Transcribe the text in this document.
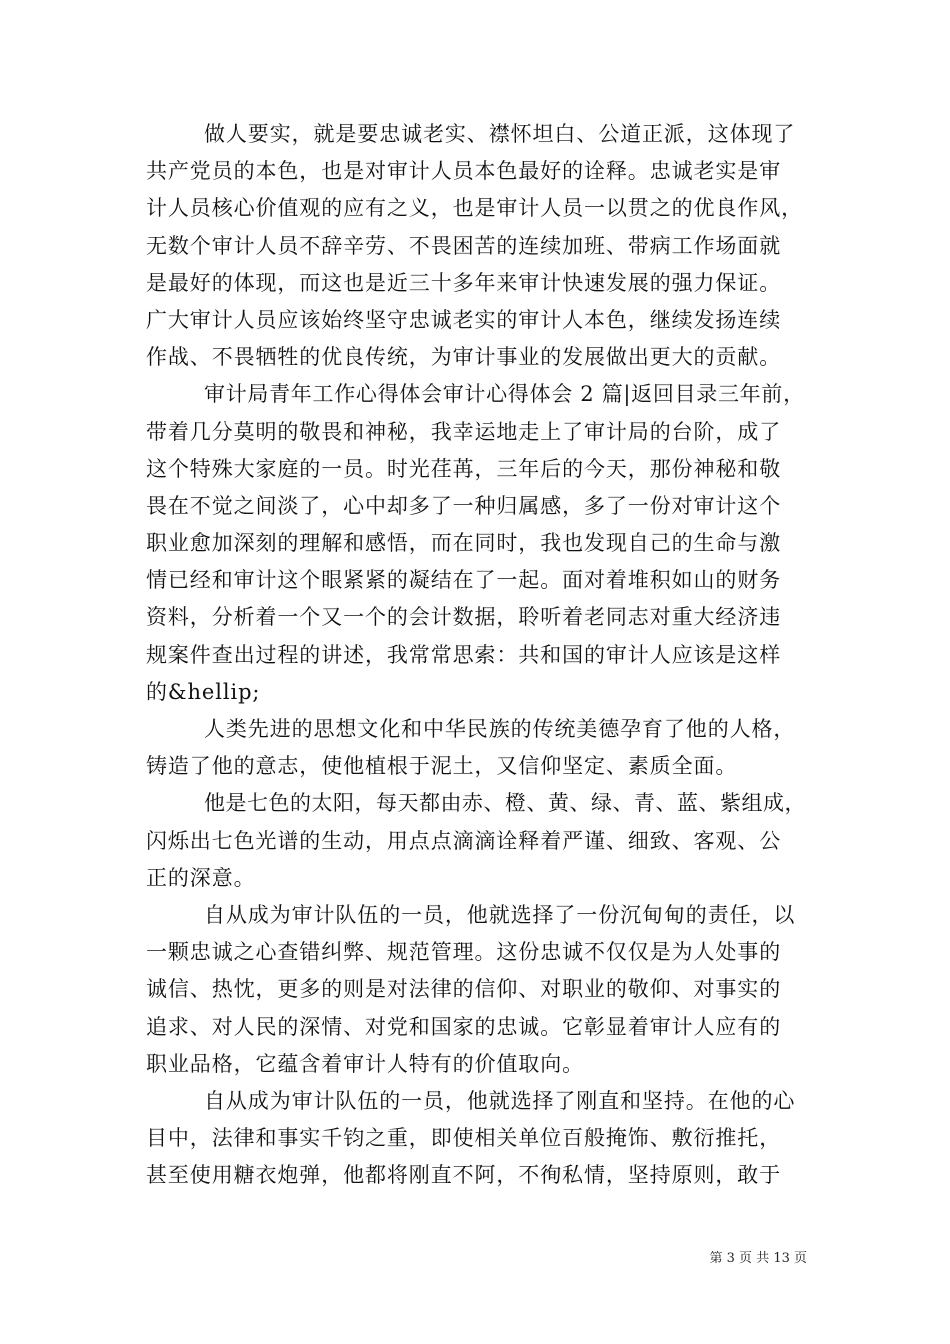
做人要实，就是要忠诚老实、襟怀坦白、公道正派，这体现了
共产党员的本色，也是对审计人员本色最好的诠释。忠诚老实是审
计人员核心价值观的应有之义，也是审计人员一以贯之的优良作风，
无数个审计人员不辞辛劳、不畏困苦的连续加班、带病工作场面就
是最好的体现，而这也是近三十多年来审计快速发展的强力保证。
广大审计人员应该始终坚守忠诚老实的审计人本色，继续发扬连续
作战、不畏牺牲的优良传统，为审计事业的发展做出更大的贡献。
审计局青年工作心得体会审计心得体会 2 篇|返回目录三年前，
带着几分莫明的敬畏和神秘，我幸运地走上了审计局的台阶，成了
这个特殊大家庭的一员。时光荏苒，三年后的今天，那份神秘和敬
畏在不觉之间淡了，心中却多了一种归属感，多了一份对审计这个
职业愈加深刻的理解和感悟，而在同时，我也发现自己的生命与激
情已经和审计这个眼紧紧的凝结在了一起。面对着堆积如山的财务
资料，分析着一个又一个的会计数据，聆听着老同志对重大经济违
规案件查出过程的讲述，我常常思索：共和国的审计人应该是这样
的&hellip;
人类先进的思想文化和中华民族的传统美德孕育了他的人格，
铸造了他的意志，使他植根于泥土，又信仰坚定、素质全面。
他是七色的太阳，每天都由赤、橙、黄、绿、青、蓝、紫组成，
闪烁出七色光谱的生动，用点点滴滴诠释着严谨、细致、客观、公
正的深意。
自从成为审计队伍的一员，他就选择了一份沉甸甸的责任，以
一颗忠诚之心查错纠弊、规范管理。这份忠诚不仅仅是为人处事的
诚信、热忱，更多的则是对法律的信仰、对职业的敬仰、对事实的
追求、对人民的深情、对党和国家的忠诚。它彰显着审计人应有的
职业品格，它蕴含着审计人特有的价值取向。
自从成为审计队伍的一员，他就选择了刚直和坚持。在他的心
目中，法律和事实千钧之重，即使相关单位百般掩饰、敷衍推托，
甚至使用糖衣炮弹，他都将刚直不阿，不徇私情，坚持原则，敢于
第 3 页 共 13 页
